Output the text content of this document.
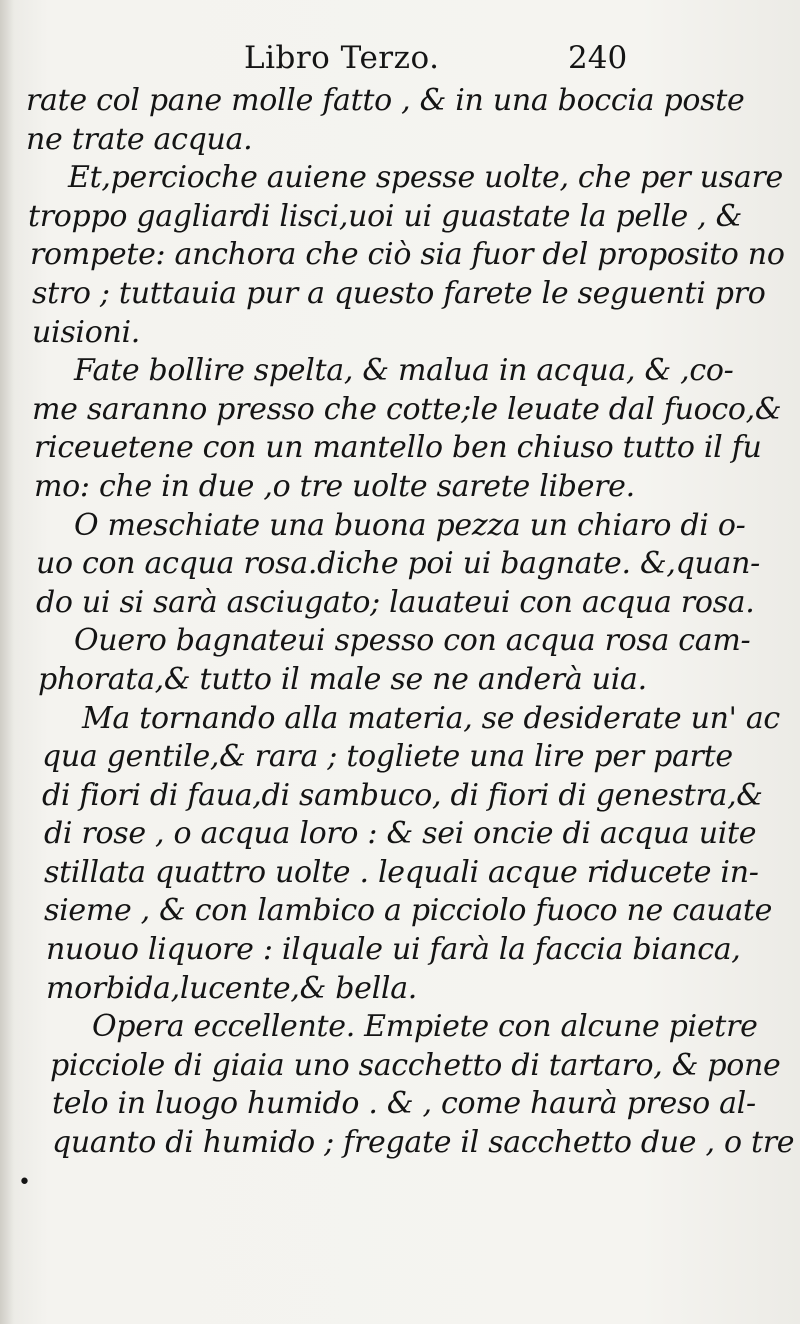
Libro Terzo.	240
rate col pane molle fatto , & in una boccia poste
ne trate acqua.
Et,percioche auiene spesse uolte, che per usare
troppo gagliardi lisci,uoi ui guastate la pelle , &
rompete: anchora che ciò sia fuor del proposito no
stro ; tuttauia pur a questo farete le seguenti pro
uisioni.
Fate bollire spelta, & malua in acqua, & ,co-
me saranno presso che cotte;le leuate dal fuoco,&
riceuetene con un mantello ben chiuso tutto il fu
mo: che in due ,o tre uolte sarete libere.
O meschiate una buona pezza un chiaro di o-
uo con acqua rosa.diche poi ui bagnate. &,quan-
do ui si sarà asciugato; lauateui con acqua rosa.
Ouero bagnateui spesso con acqua rosa cam-
phorata,& tutto il male se ne anderà uia.
Ma tornando alla materia, se desiderate un' ac
qua gentile,& rara ; togliete una lire per parte
di fiori di faua,di sambuco, di fiori di genestra,&
di rose , o acqua loro : & sei oncie di acqua uite
stillata quattro uolte . lequali acque riducete in-
sieme , & con lambico a picciolo fuoco ne cauate
nuouo liquore : ilquale ui farà la faccia bianca,
morbida,lucente,& bella.
Opera eccellente. Empiete con alcune pietre
picciole di giaia uno sacchetto di tartaro, & pone
telo in luogo humido . & , come haurà preso al-
quanto di humido ; fregate il sacchetto due , o tre
•
